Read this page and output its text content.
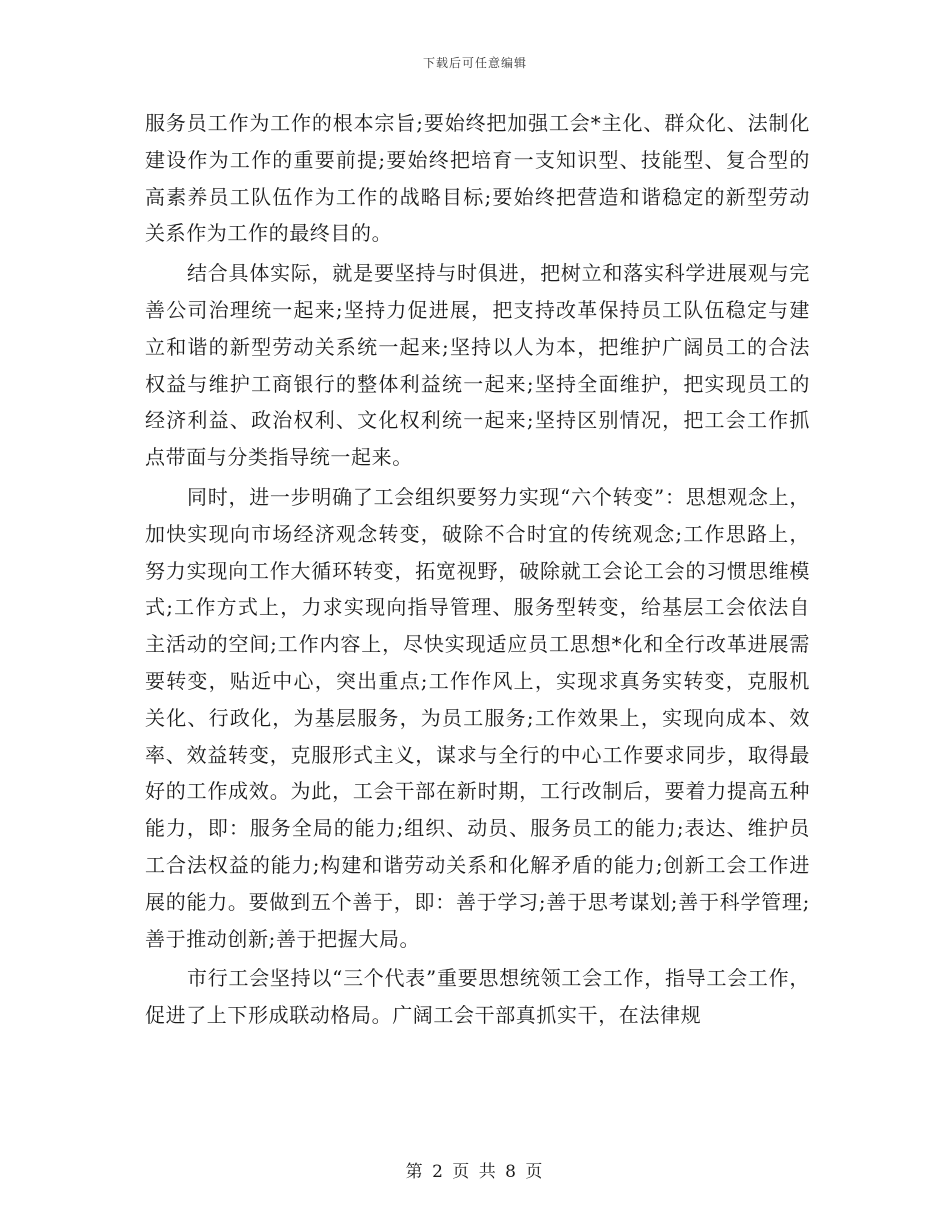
下载后可任意编辑

服务员工作为工作的根本宗旨;要始终把加强工会*主化、群众化、法制化建设作为工作的重要前提;要始终把培育一支知识型、技能型、复合型的高素养员工队伍作为工作的战略目标;要始终把营造和谐稳定的新型劳动关系作为工作的最终目的。

结合具体实际，就是要坚持与时俱进，把树立和落实科学进展观与完善公司治理统一起来;坚持力促进展，把支持改革保持员工队伍稳定与建立和谐的新型劳动关系统一起来;坚持以人为本，把维护广阔员工的合法权益与维护工商银行的整体利益统一起来;坚持全面维护，把实现员工的经济利益、政治权利、文化权利统一起来;坚持区别情况，把工会工作抓点带面与分类指导统一起来。

同时，进一步明确了工会组织要努力实现“六个转变”：思想观念上，加快实现向市场经济观念转变，破除不合时宜的传统观念;工作思路上，努力实现向工作大循环转变，拓宽视野，破除就工会论工会的习惯思维模式;工作方式上，力求实现向指导管理、服务型转变，给基层工会依法自主活动的空间;工作内容上，尽快实现适应员工思想*化和全行改革进展需要转变，贴近中心，突出重点;工作作风上，实现求真务实转变，克服机关化、行政化，为基层服务，为员工服务;工作效果上，实现向成本、效率、效益转变，克服形式主义，谋求与全行的中心工作要求同步，取得最好的工作成效。为此，工会干部在新时期，工行改制后，要着力提高五种能力，即：服务全局的能力;组织、动员、服务员工的能力;表达、维护员工合法权益的能力;构建和谐劳动关系和化解矛盾的能力;创新工会工作进展的能力。要做到五个善于，即：善于学习;善于思考谋划;善于科学管理;善于推动创新;善于把握大局。

市行工会坚持以“三个代表”重要思想统领工会工作，指导工会工作，促进了上下形成联动格局。广阔工会干部真抓实干，在法律规

第 2 页 共 8 页
